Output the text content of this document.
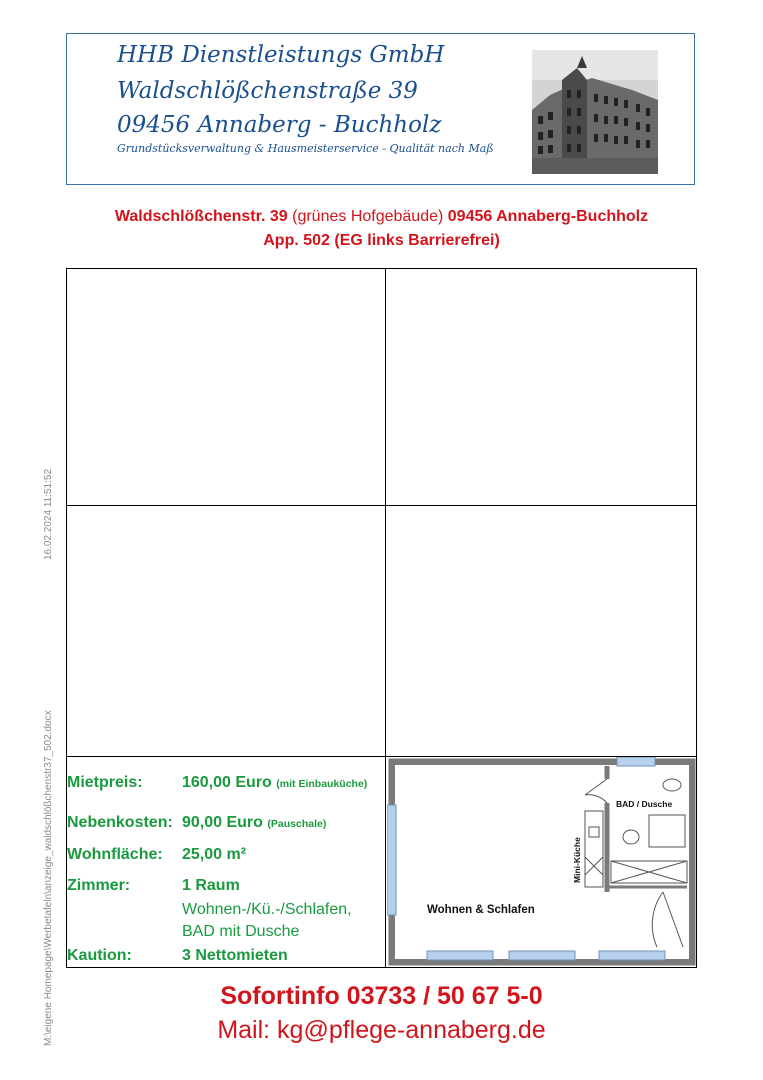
HHB Dienstleistungs GmbH
Waldschlößchenstraße 39
09456 Annaberg - Buchholz
Grundstücksverwaltung & Hausmeisterservice - Qualität nach Maß
Waldschlößchenstr. 39 (grünes Hofgebäude) 09456 Annaberg-Buchholz
App. 502 (EG links Barrierefrei)
Mietpreis: 160,00 Euro (mit Einbauküche)
Nebenkosten: 90,00 Euro (Pauschale)
Wohnfläche: 25,00 m²
Zimmer:	1 Raum
Wohnen-/Kü.-/Schlafen,
BAD mit Dusche
Kaution:	3 Nettomieten
Wohnen & Schlafen
BAD / Dusche
Mini-Küche
16.02.2024 11:51:52
M:\eigene Homepage\Werbetafeln\anzeige_waldschlößchenstr37_502.docx	Sofortinfo 03733 / 50 67 5-0
Mail: kg@pflege-annaberg.de
